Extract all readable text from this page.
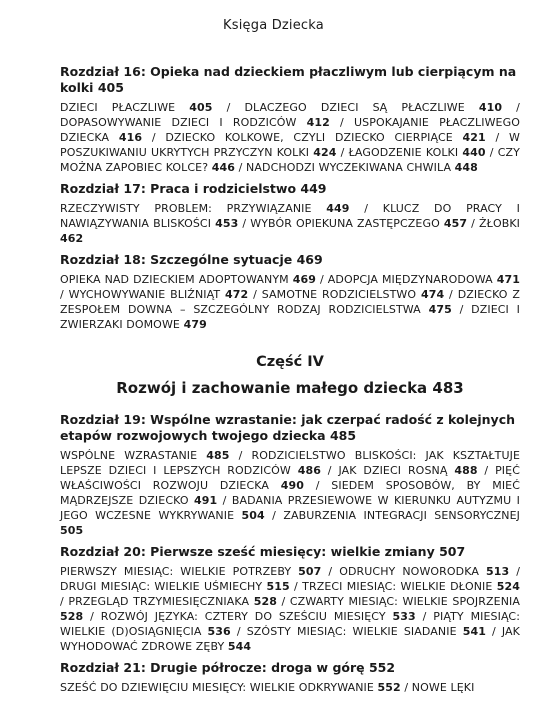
Księga Dziecka

Rozdział 16: Opieka nad dzieckiem płaczliwym lub cierpiącym na kolki 405

DZIECI PŁACZLIWE 405 / DLACZEGO DZIECI SĄ PŁACZLIWE 410 / DOPASOWYWANIE DZIECI I RODZICÓW 412 / USPOKAJANIE PŁACZLIWEGO DZIECKA 416 / DZIECKO KOLKOWE, CZYLI DZIECKO CIERPIĄCE 421 / W POSZUKIWANIU UKRYTYCH PRZYCZYN KOLKI 424 / ŁAGODZENIE KOLKI 440 / CZY MOŻNA ZAPOBIEC KOLCE? 446 / NADCHODZI WYCZEKIWANA CHWILA 448

Rozdział 17: Praca i rodzicielstwo 449

RZECZYWISTY PROBLEM: PRZYWIĄZANIE 449 / KLUCZ DO PRACY I NAWIĄZYWANIA BLISKOŚCI 453 / WYBÓR OPIEKUNA ZASTĘPCZEGO 457 / ŻŁOBKI 462

Rozdział 18: Szczególne sytuacje 469

OPIEKA NAD DZIECKIEM ADOPTOWANYM 469 / ADOPCJA MIĘDZYNARODOWA 471 / WYCHOWYWANIE BLIŹNIĄT 472 / SAMOTNE RODZICIELSTWO 474 / DZIECKO Z ZESPOŁEM DOWNA – SZCZEGÓLNY RODZAJ RODZICIELSTWA 475 / DZIECI I ZWIERZAKI DOMOWE 479

Część IV
Rozwój i zachowanie małego dziecka 483

Rozdział 19: Wspólne wzrastanie: jak czerpać radość z kolejnych etapów rozwojowych twojego dziecka 485

WSPÓLNE WZRASTANIE 485 / RODZICIELSTWO BLISKOŚCI: JAK KSZTAŁTUJE LEPSZE DZIECI I LEPSZYCH RODZICÓW 486 / JAK DZIECI ROSNĄ 488 / PIĘĆ WŁAŚCIWOŚCI ROZWOJU DZIECKA 490 / SIEDEM SPOSOBÓW, BY MIEĆ MĄDRZEJSZE DZIECKO 491 / BADANIA PRZESIEWOWE W KIERUNKU AUTYZMU I JEGO WCZESNE WYKRYWANIE 504 / ZABURZENIA INTEGRACJI SENSORYCZNEJ 505

Rozdział 20: Pierwsze sześć miesięcy: wielkie zmiany 507

PIERWSZY MIESIĄC: WIELKIE POTRZEBY 507 / ODRUCHY NOWORODKA 513 / DRUGI MIESIĄC: WIELKIE UŚMIECHY 515 / TRZECI MIESIĄC: WIELKIE DŁONIE 524 / PRZEGLĄD TRZYMIESIĘCZNIAKA 528 / CZWARTY MIESIĄC: WIELKIE SPOJRZENIA 528 / ROZWÓJ JĘZYKA: CZTERY DO SZEŚCIU MIESIĘCY 533 / PIĄTY MIESIĄC: WIELKIE (D)OSIĄGNIĘCIA 536 / SZÓSTY MIESIĄC: WIELKIE SIADANIE 541 / JAK WYHODOWAĆ ZDROWE ZĘBY 544

Rozdział 21: Drugie półrocze: droga w górę 552

SZEŚĆ DO DZIEWIĘCIU MIESIĘCY: WIELKIE ODKRYWANIE 552 / NOWE LĘKI
